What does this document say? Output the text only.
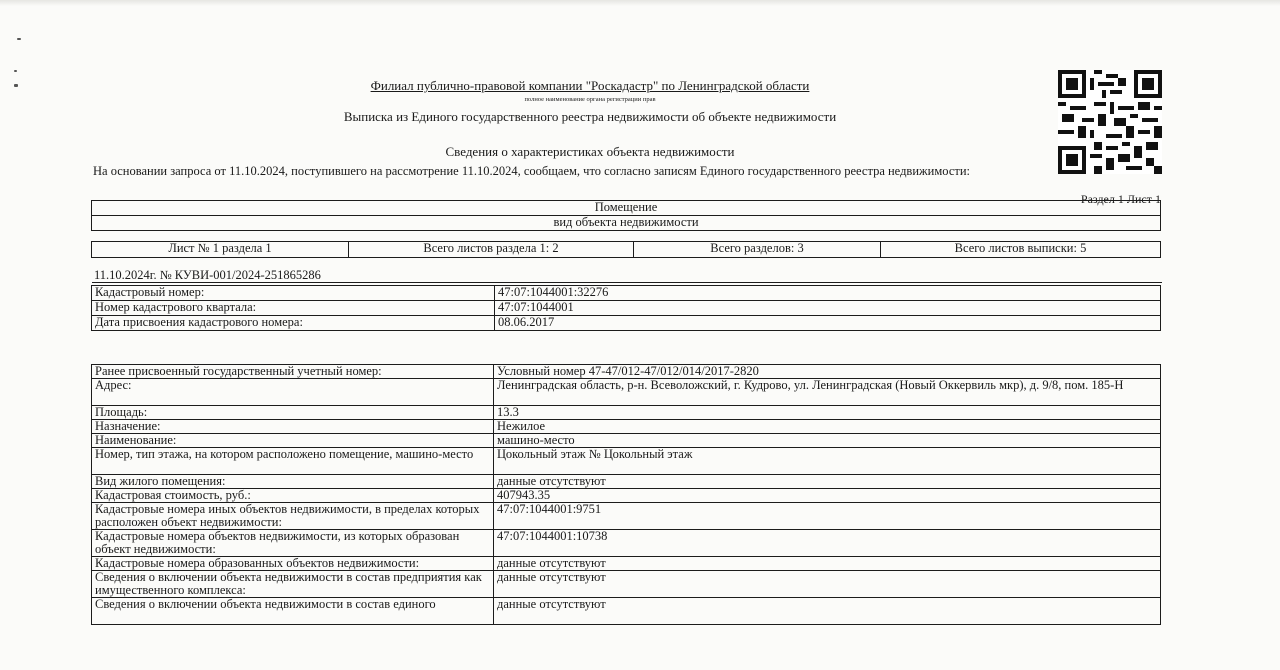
Филиал публично-правовой компании "Роскадастр" по Ленинградской области
полное наименование органа регистрации прав
Выписка из Единого государственного реестра недвижимости об объекте недвижимости
Сведения о характеристиках объекта недвижимости
На основании запроса от 11.10.2024, поступившего на рассмотрение 11.10.2024, сообщаем, что согласно записям Единого государственного реестра недвижимости:
Раздел 1 Лист 1
Помещение
вид объекта недвижимости
Лист № 1 раздела 1	Всего листов раздела 1: 2	Всего разделов: 3	Всего листов выписки: 5
11.10.2024г. № КУВИ-001/2024-251865286
Кадастровый номер:	47:07:1044001:32276
Номер кадастрового квартала:	47:07:1044001
Дата присвоения кадастрового номера:	08.06.2017
Ранее присвоенный государственный учетный номер:	Условный номер 47-47/012-47/012/014/2017-2820
Адрес:	Ленинградская область, р-н. Всеволожский, г. Кудрово, ул. Ленинградская (Новый Оккервиль мкр), д. 9/8, пом. 185-Н
Площадь:	13.3
Назначение:	Нежилое
Наименование:	машино-место
Номер, тип этажа, на котором расположено помещение, машино-место	Цокольный этаж № Цокольный этаж
Вид жилого помещения:	данные отсутствуют
Кадастровая стоимость, руб.:	407943.35
Кадастровые номера иных объектов недвижимости, в пределах которых расположен объект недвижимости:	47:07:1044001:9751
Кадастровые номера объектов недвижимости, из которых образован объект недвижимости:	47:07:1044001:10738
Кадастровые номера образованных объектов недвижимости:	данные отсутствуют
Сведения о включении объекта недвижимости в состав предприятия как имущественного комплекса:	данные отсутствуют
Сведения о включении объекта недвижимости в состав единого	данные отсутствуют
